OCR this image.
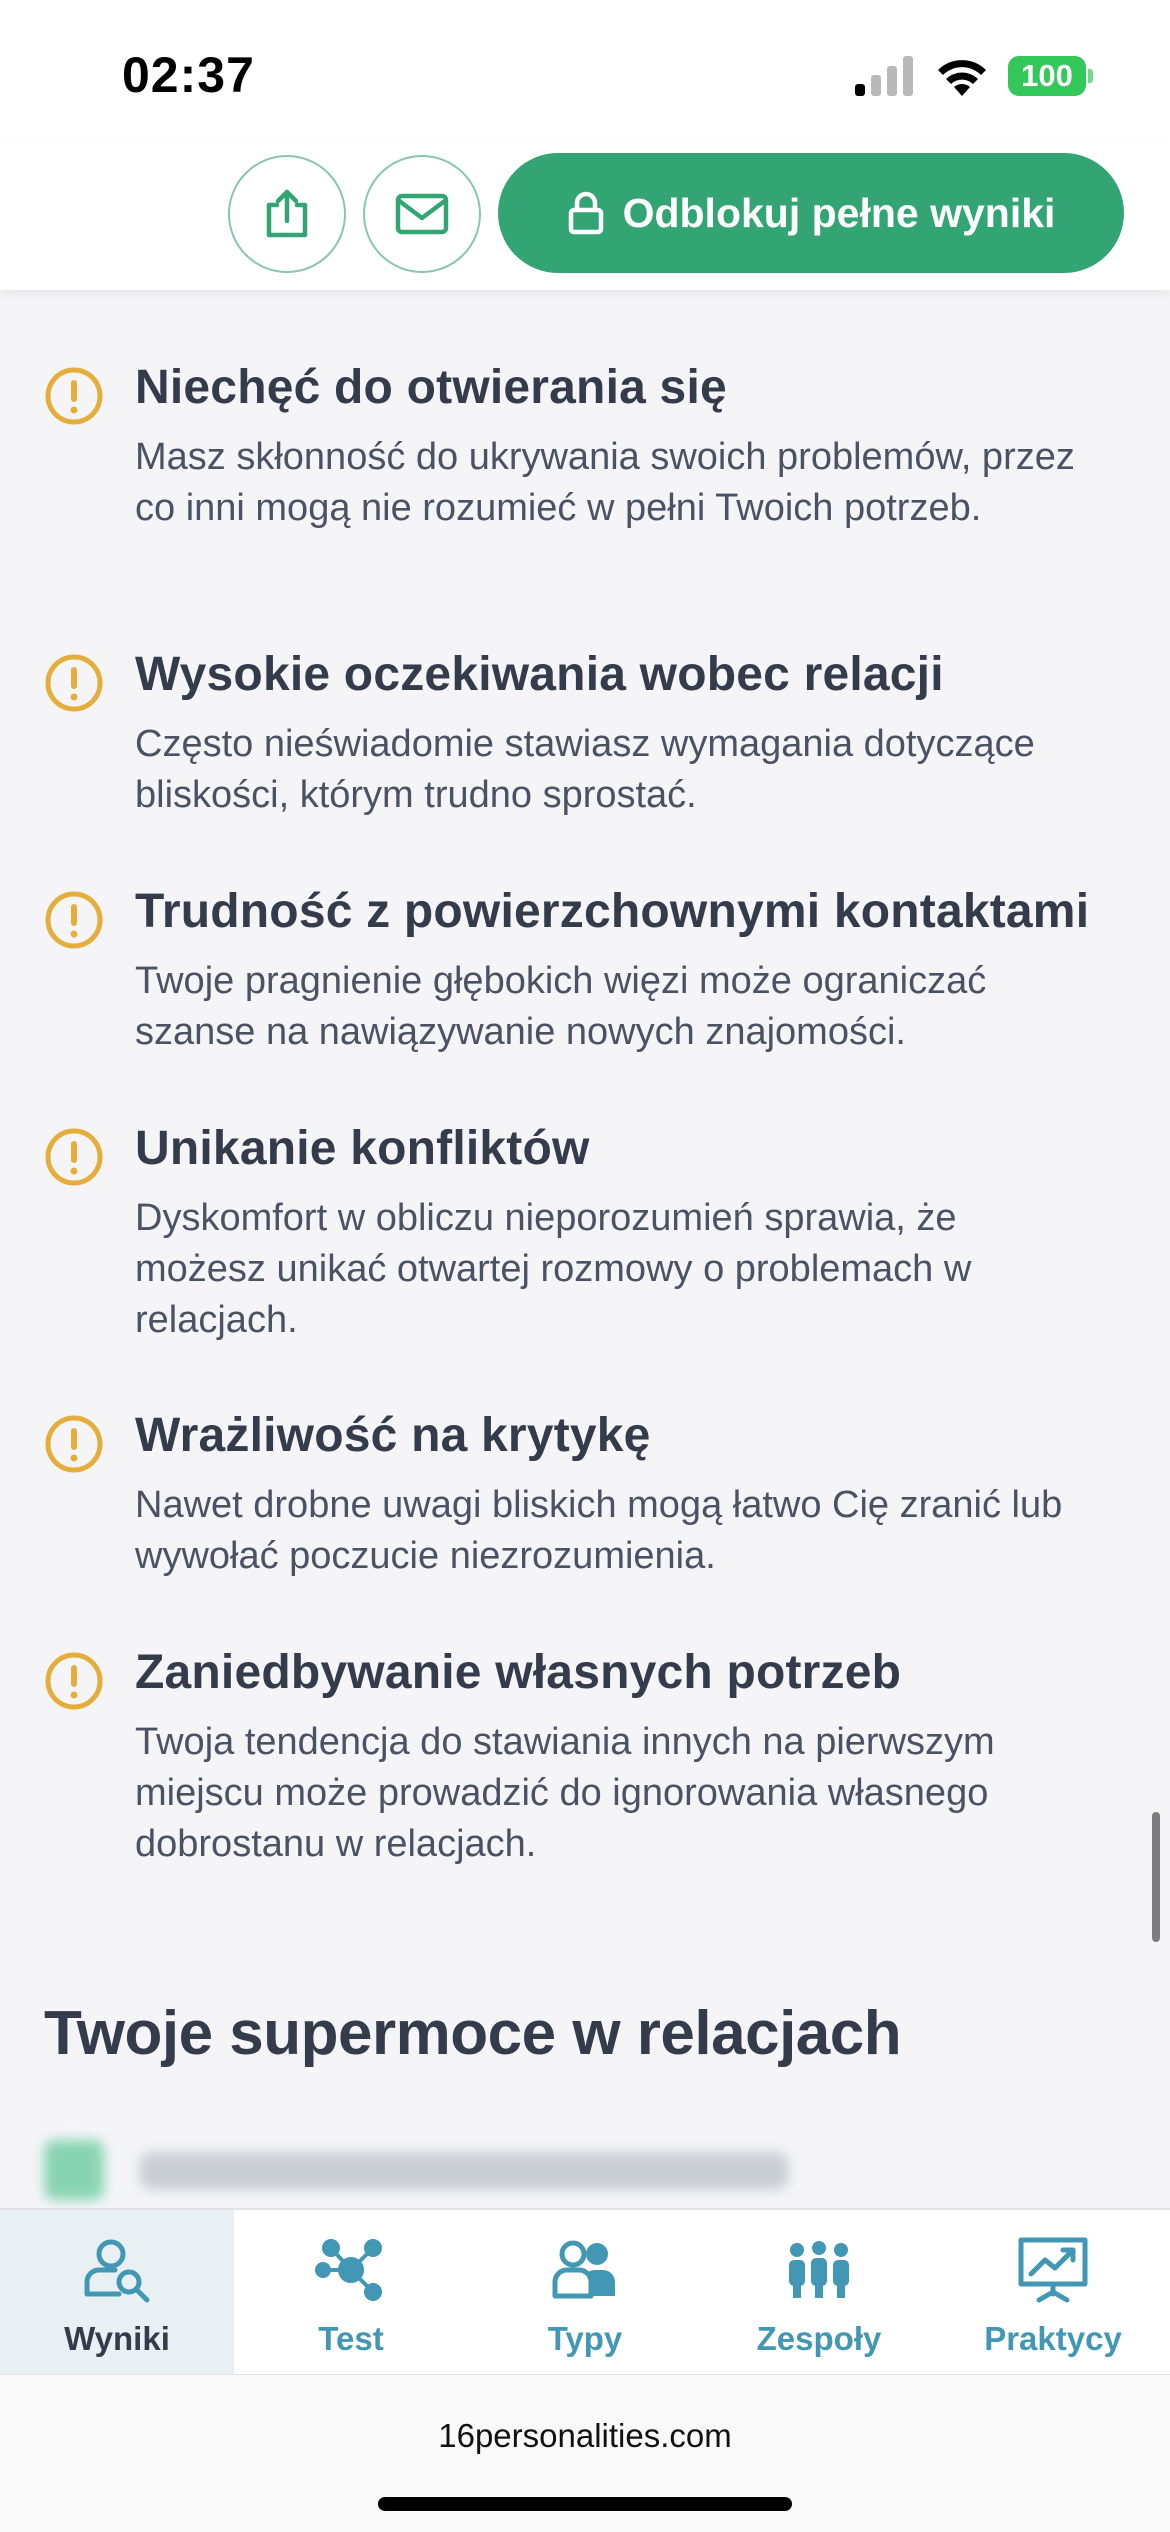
02:37	100
Odblokuj pełne wyniki
Niechęć do otwierania się
Masz skłonność do ukrywania swoich problemów, przez co inni mogą nie rozumieć w pełni Twoich potrzeb.
Wysokie oczekiwania wobec relacji
Często nieświadomie stawiasz wymagania dotyczące bliskości, którym trudno sprostać.
Trudność z powierzchownymi kontaktami
Twoje pragnienie głębokich więzi może ograniczać szanse na nawiązywanie nowych znajomości.
Unikanie konfliktów
Dyskomfort w obliczu nieporozumień sprawia, że możesz unikać otwartej rozmowy o problemach w relacjach.
Wrażliwość na krytykę
Nawet drobne uwagi bliskich mogą łatwo Cię zranić lub wywołać poczucie niezrozumienia.
Zaniedbywanie własnych potrzeb
Twoja tendencja do stawiania innych na pierwszym miejscu może prowadzić do ignorowania własnego dobrostanu w relacjach.
Twoje supermoce w relacjach
Wyniki	Test	Typy	Zespoły	Praktycy
16personalities.com
